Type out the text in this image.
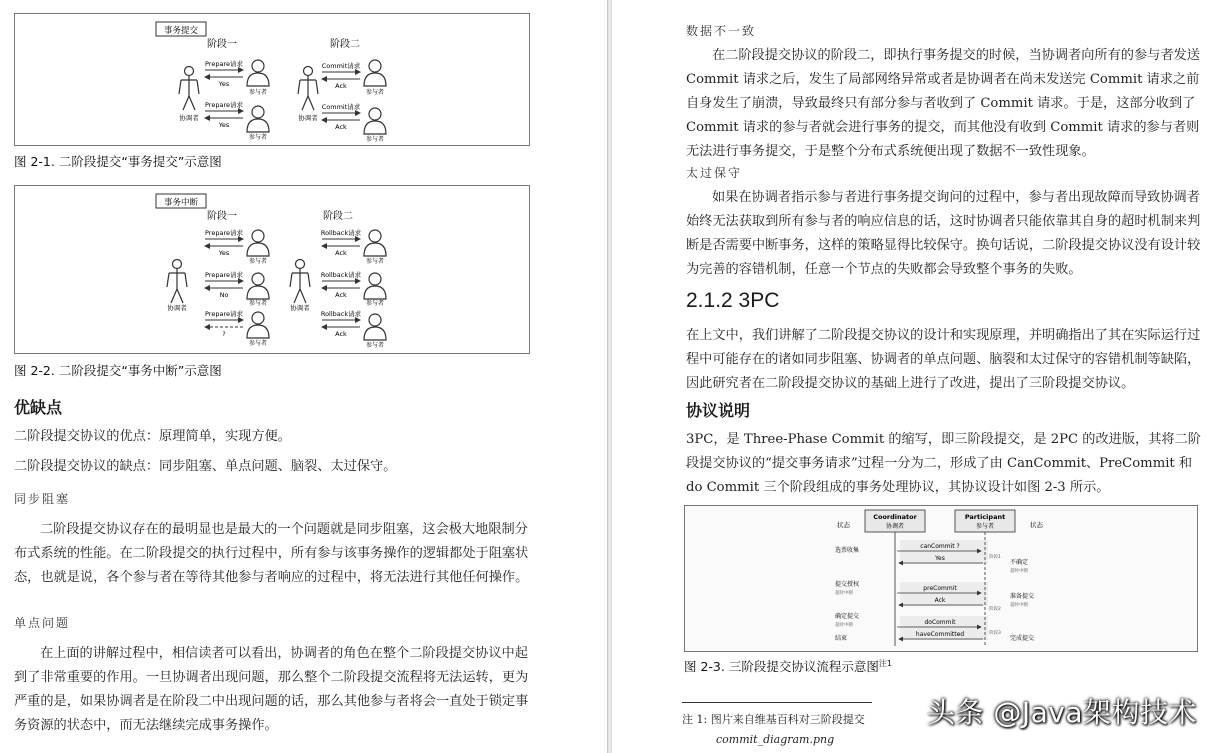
事务提交
阶段一	阶段二
协调者
参与者
参与者
Prepare请求
Yes
Prepare请求
Yes
协调者
参与者
参与者
Commit请求
Ack
Commit请求
Ack
图 2-1. 二阶段提交“事务提交”示意图
事务中断
阶段一	阶段二
协调者	协调者
参与者
参与者
参与者
参与者
参与者
参与者
Prepare请求
Yes
Prepare请求
No
Prepare请求
?
Rollback请求
Ack
Rollback请求
Ack
Rollback请求
Ack
图 2-2. 二阶段提交“事务中断”示意图
优缺点
二阶段提交协议的优点：原理简单，实现方便。
二阶段提交协议的缺点：同步阻塞、单点问题、脑裂、太过保守。
同步阻塞
二阶段提交协议存在的最明显也是最大的一个问题就是同步阻塞，这会极大地限制分布式系统的性能。在二阶段提交的执行过程中，所有参与该事务操作的逻辑都处于阻塞状态，也就是说，各个参与者在等待其他参与者响应的过程中，将无法进行其他任何操作。
单点问题
在上面的讲解过程中，相信读者可以看出，协调者的角色在整个二阶段提交协议中起到了非常重要的作用。一旦协调者出现问题，那么整个二阶段提交流程将无法运转，更为严重的是，如果协调者是在阶段二中出现问题的话，那么其他参与者将会一直处于锁定事务资源的状态中，而无法继续完成事务操作。
数据不一致
在二阶段提交协议的阶段二，即执行事务提交的时候，当协调者向所有的参与者发送 Commit 请求之后，发生了局部网络异常或者是协调者在尚未发送完 Commit 请求之前自身发生了崩溃，导致最终只有部分参与者收到了 Commit 请求。于是，这部分收到了 Commit 请求的参与者就会进行事务的提交，而其他没有收到 Commit 请求的参与者则无法进行事务提交，于是整个分布式系统便出现了数据不一致性现象。
太过保守
如果在协调者指示参与者进行事务提交询问的过程中，参与者出现故障而导致协调者始终无法获取到所有参与者的响应信息的话，这时协调者只能依靠其自身的超时机制来判断是否需要中断事务，这样的策略显得比较保守。换句话说，二阶段提交协议没有设计较为完善的容错机制，任意一个节点的失败都会导致整个事务的失败。
2.1.2 3PC
在上文中，我们讲解了二阶段提交协议的设计和实现原理，并明确指出了其在实际运行过程中可能存在的诸如同步阻塞、协调者的单点问题、脑裂和太过保守的容错机制等缺陷，因此研究者在二阶段提交协议的基础上进行了改进，提出了三阶段提交协议。
协议说明
3PC，是 Three-Phase Commit 的缩写，即三阶段提交，是 2PC 的改进版，其将二阶段提交协议的“提交事务请求”过程一分为二，形成了由 CanCommit、PreCommit 和 do Commit 三个阶段组成的事务处理协议，其协议设计如图 2-3 所示。
Coordinator
协调者
Participant
参与者
状态	状态
canCommit ?
Yes
preCommit
Ack
doCommit
haveCommitted
选票收集
提交授权
超时中断
确定提交
超时中断
结束
不确定
超时中断
准备提交
超时中断
完成提交
阶段1
阶段2
阶段3
图 2-3. 三阶段提交协议流程示意图$^{注1}$
注 1: 图片来自维基百科对三阶段提交
commit_diagram.png
头条 @Java架构技术
